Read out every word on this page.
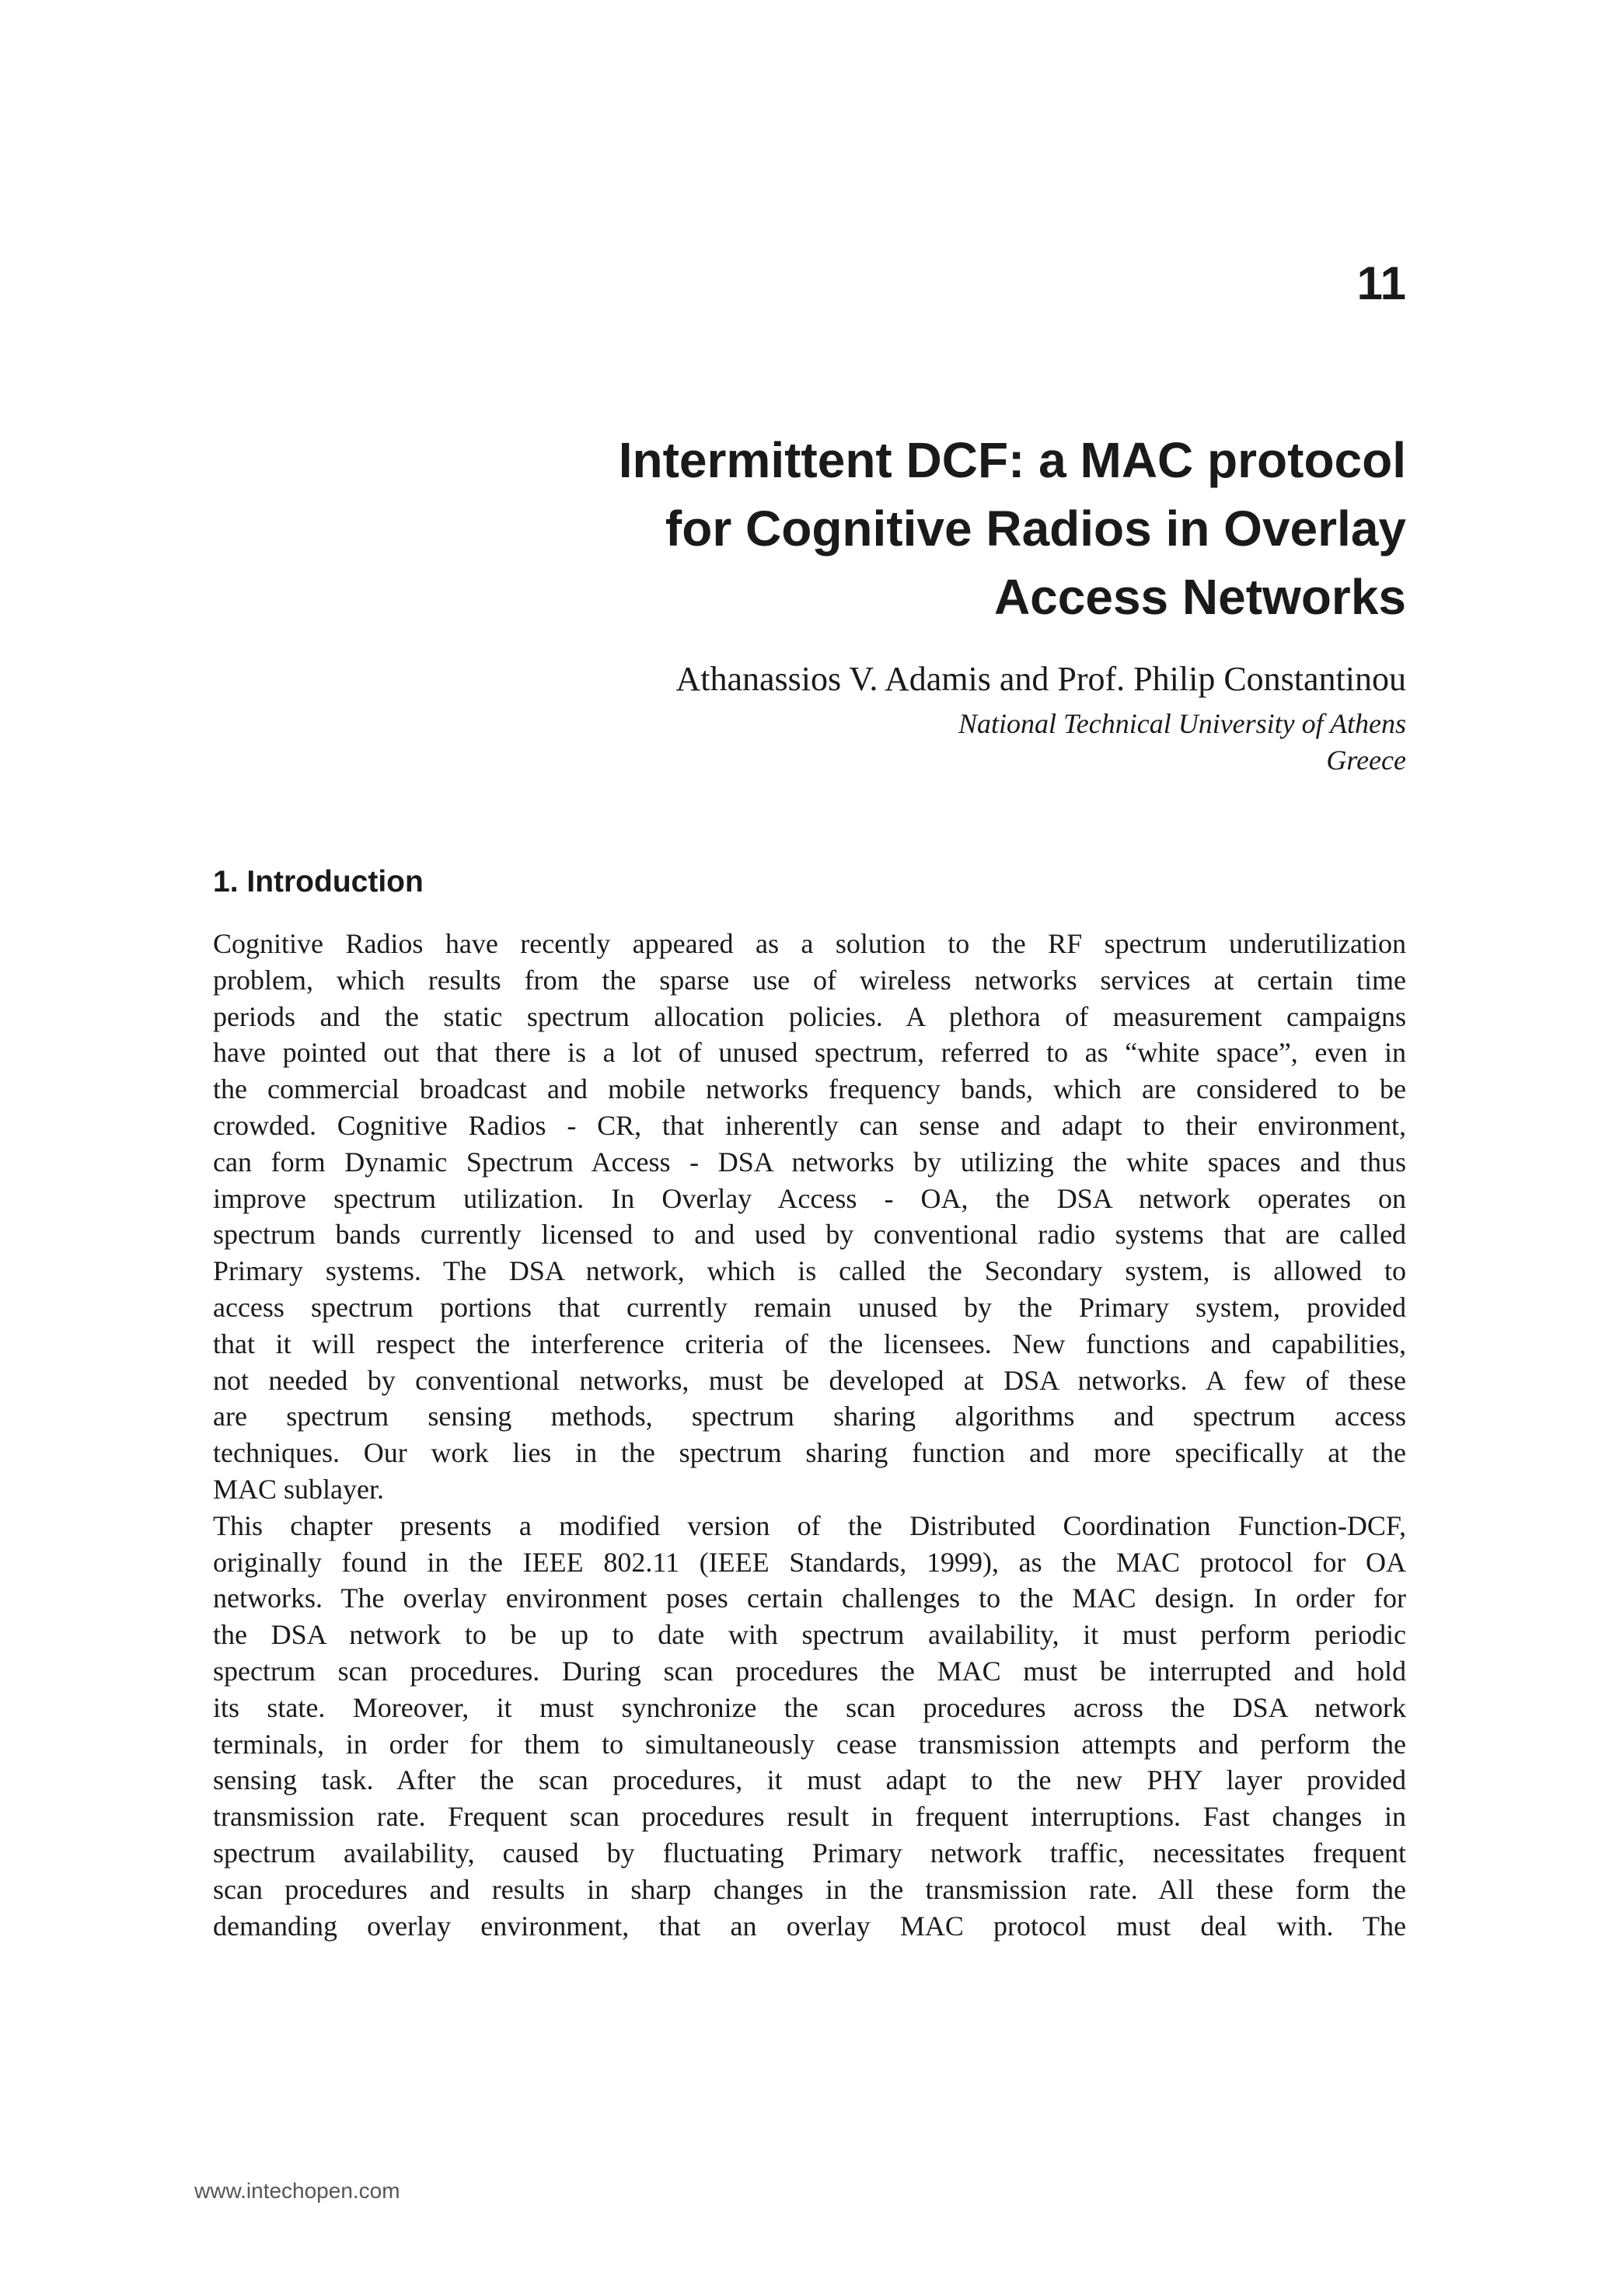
11
Intermittent DCF: a MAC protocol
for Cognitive Radios in Overlay
Access Networks
Athanassios V. Adamis and Prof. Philip Constantinou
National Technical University of Athens
Greece
1. Introduction
Cognitive Radios have recently appeared as a solution to the RF spectrum underutilization
problem, which results from the sparse use of wireless networks services at certain time
periods and the static spectrum allocation policies. A plethora of measurement campaigns
have pointed out that there is a lot of unused spectrum, referred to as “white space”, even in
the commercial broadcast and mobile networks frequency bands, which are considered to be
crowded. Cognitive Radios - CR, that inherently can sense and adapt to their environment,
can form Dynamic Spectrum Access - DSA networks by utilizing the white spaces and thus
improve spectrum utilization. In Overlay Access - OA, the DSA network operates on
spectrum bands currently licensed to and used by conventional radio systems that are called
Primary systems. The DSA network, which is called the Secondary system, is allowed to
access spectrum portions that currently remain unused by the Primary system, provided
that it will respect the interference criteria of the licensees. New functions and capabilities,
not needed by conventional networks, must be developed at DSA networks. A few of these
are spectrum sensing methods, spectrum sharing algorithms and spectrum access
techniques. Our work lies in the spectrum sharing function and more specifically at the
MAC sublayer.
This chapter presents a modified version of the Distributed Coordination Function-DCF,
originally found in the IEEE 802.11 (IEEE Standards, 1999), as the MAC protocol for OA
networks. The overlay environment poses certain challenges to the MAC design. In order for
the DSA network to be up to date with spectrum availability, it must perform periodic
spectrum scan procedures. During scan procedures the MAC must be interrupted and hold
its state. Moreover, it must synchronize the scan procedures across the DSA network
terminals, in order for them to simultaneously cease transmission attempts and perform the
sensing task. After the scan procedures, it must adapt to the new PHY layer provided
transmission rate. Frequent scan procedures result in frequent interruptions. Fast changes in
spectrum availability, caused by fluctuating Primary network traffic, necessitates frequent
scan procedures and results in sharp changes in the transmission rate. All these form the
demanding overlay environment, that an overlay MAC protocol must deal with. The
www.intechopen.com
